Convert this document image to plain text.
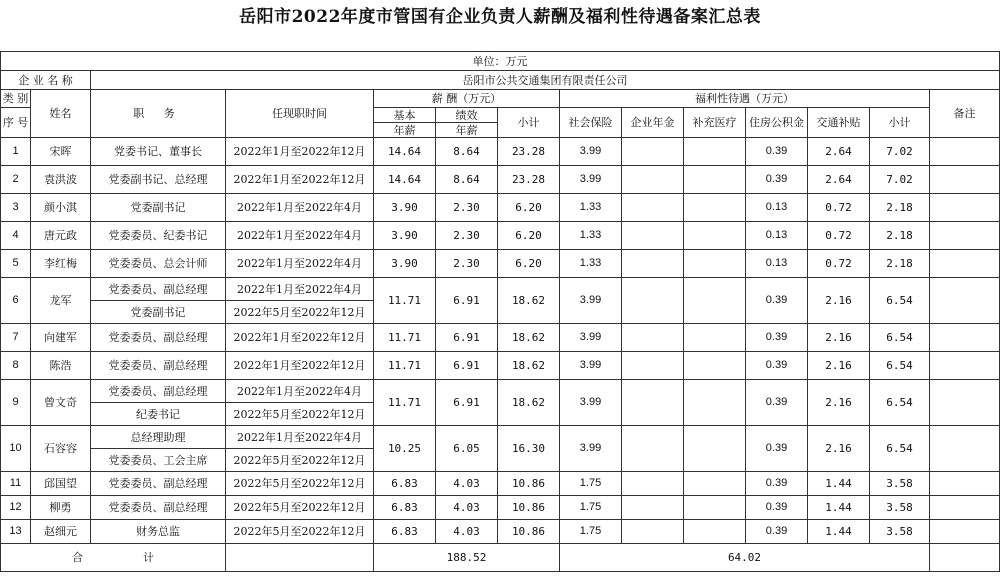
岳阳市2022年度市管国有企业负责人薪酬及福利性待遇备案汇总表

单位：万元													
企 业 名 称		岳阳市公共交通集团有限责任公司											
类 别	姓名	职 务	任现职时间	薪 酬（万元）			福利性待遇（万元）						备注
序 号				基本	绩效	小计	社会保险	企业年金	补充医疗	住房公积金	交通补贴	小计	
				年薪	年薪								
1	宋晖	党委书记、董事长	2022年1月至2022年12月	14.64	8.64	23.28	3.99			0.39	2.64	7.02	
2	袁洪波	党委副书记、总经理	2022年1月至2022年12月	14.64	8.64	23.28	3.99			0.39	2.64	7.02	
3	颜小淇	党委副书记	2022年1月至2022年4月	3.90	2.30	6.20	1.33			0.13	0.72	2.18	
4	唐元政	党委委员、纪委书记	2022年1月至2022年4月	3.90	2.30	6.20	1.33			0.13	0.72	2.18	
5	李红梅	党委委员、总会计师	2022年1月至2022年4月	3.90	2.30	6.20	1.33			0.13	0.72	2.18	
6	龙军	党委委员、副总经理	2022年1月至2022年4月	11.71	6.91	18.62	3.99			0.39	2.16	6.54	
		党委副书记	2022年5月至2022年12月										
7	向建军	党委委员、副总经理	2022年1月至2022年12月	11.71	6.91	18.62	3.99			0.39	2.16	6.54	
8	陈浩	党委委员、副总经理	2022年1月至2022年12月	11.71	6.91	18.62	3.99			0.39	2.16	6.54	
9	曾文奇	党委委员、副总经理	2022年1月至2022年4月	11.71	6.91	18.62	3.99			0.39	2.16	6.54	
		纪委书记	2022年5月至2022年12月										
10	石容容	总经理助理	2022年1月至2022年4月	10.25	6.05	16.30	3.99			0.39	2.16	6.54	
		党委委员、工会主席	2022年5月至2022年12月										
11	邱国望	党委委员、副总经理	2022年5月至2022年12月	6.83	4.03	10.86	1.75			0.39	1.44	3.58	
12	柳勇	党委委员、副总经理	2022年5月至2022年12月	6.83	4.03	10.86	1.75			0.39	1.44	3.58	
13	赵细元	财务总监	2022年5月至2022年12月	6.83	4.03	10.86	1.75			0.39	1.44	3.58	
合 计				188.52			64.02						
